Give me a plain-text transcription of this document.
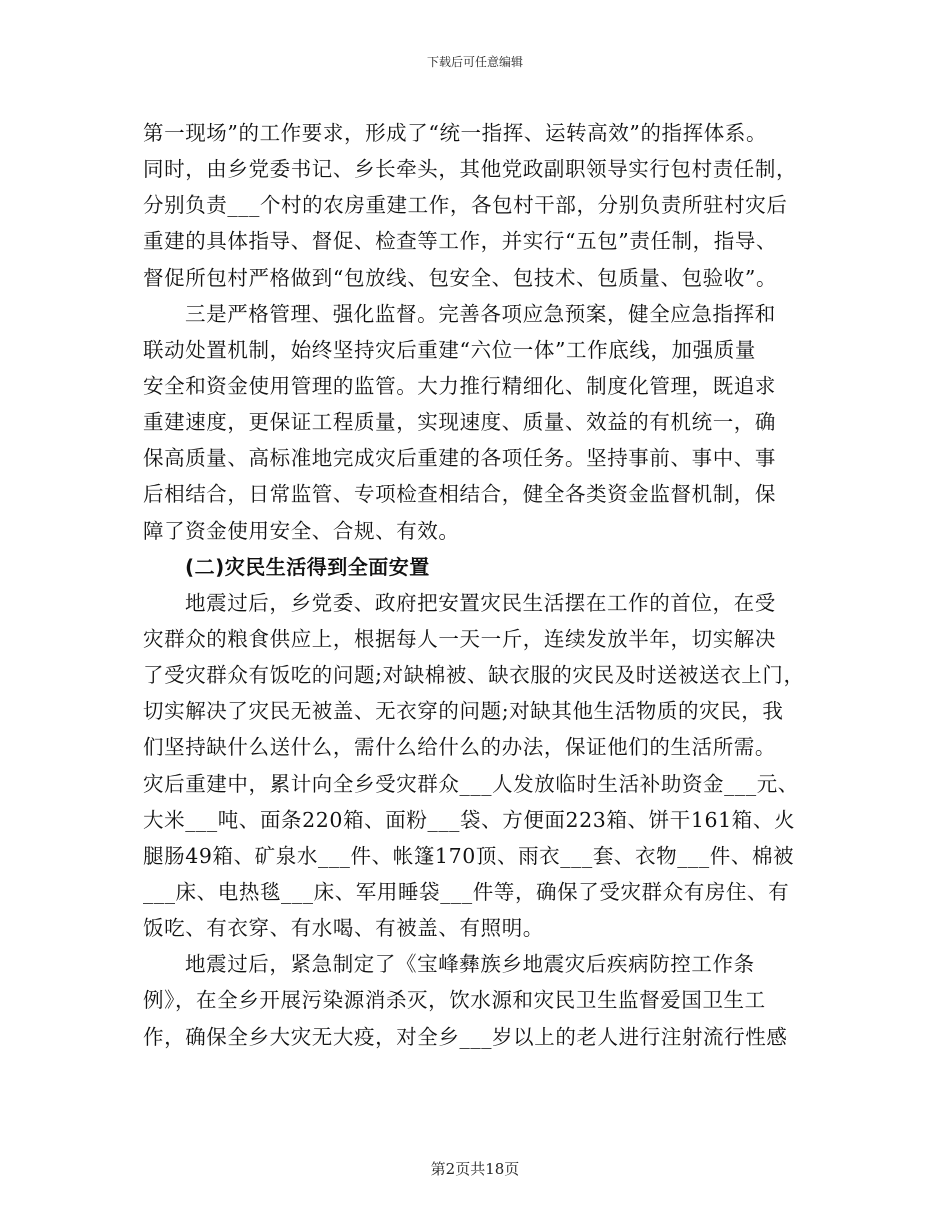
下载后可任意编辑
第一现场”的工作要求，形成了“统一指挥、运转高效”的指挥体系。
同时，由乡党委书记、乡长牵头，其他党政副职领导实行包村责任制，
分别负责___个村的农房重建工作，各包村干部，分别负责所驻村灾后
重建的具体指导、督促、检查等工作，并实行“五包”责任制，指导、
督促所包村严格做到“包放线、包安全、包技术、包质量、包验收”。
三是严格管理、强化监督。完善各项应急预案，健全应急指挥和
联动处置机制，始终坚持灾后重建“六位一体”工作底线，加强质量
安全和资金使用管理的监管。大力推行精细化、制度化管理，既追求
重建速度，更保证工程质量，实现速度、质量、效益的有机统一，确
保高质量、高标准地完成灾后重建的各项任务。坚持事前、事中、事
后相结合，日常监管、专项检查相结合，健全各类资金监督机制，保
障了资金使用安全、合规、有效。
(二)灾民生活得到全面安置
地震过后，乡党委、政府把安置灾民生活摆在工作的首位，在受
灾群众的粮食供应上，根据每人一天一斤，连续发放半年，切实解决
了受灾群众有饭吃的问题;对缺棉被、缺衣服的灾民及时送被送衣上门，
切实解决了灾民无被盖、无衣穿的问题;对缺其他生活物质的灾民，我
们坚持缺什么送什么，需什么给什么的办法，保证他们的生活所需。
灾后重建中，累计向全乡受灾群众___人发放临时生活补助资金___元、
大米___吨、面条220箱、面粉___袋、方便面223箱、饼干161箱、火
腿肠49箱、矿泉水___件、帐篷170顶、雨衣___套、衣物___件、棉被
___床、电热毯___床、军用睡袋___件等，确保了受灾群众有房住、有
饭吃、有衣穿、有水喝、有被盖、有照明。
地震过后，紧急制定了《宝峰彝族乡地震灾后疾病防控工作条
例》，在全乡开展污染源消杀灭，饮水源和灾民卫生监督爱国卫生工
作，确保全乡大灾无大疫，对全乡___岁以上的老人进行注射流行性感
第2页共18页
